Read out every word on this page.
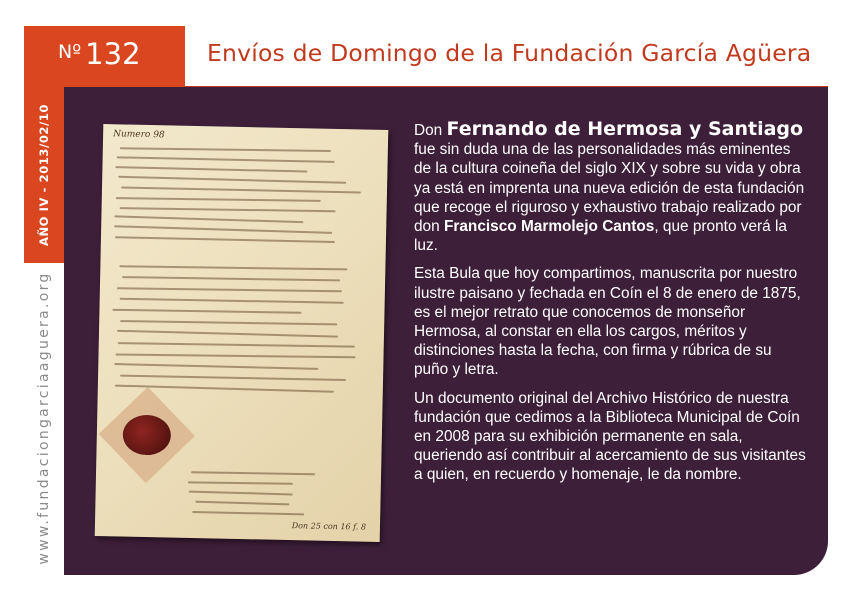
$^{Nº}$ 132	Envíos de Domingo de la Fundación García Agüera
AÑO IV - 2013/02/10
www.fundaciongarciaaguera.org
Numero 98
Don 25 con 16 f. 8

Don Fernando de Hermosa y Santiago fue sin duda una de las personalidades más eminentes de la cultura coineña del siglo XIX y sobre su vida y obra ya está en imprenta una nueva edición de esta fundación que recoge el riguroso y exhaustivo trabajo realizado por don Francisco Marmolejo Cantos, que pronto verá la luz.

Esta Bula que hoy compartimos, manuscrita por nuestro ilustre paisano y fechada en Coín el 8 de enero de 1875, es el mejor retrato que conocemos de monseñor Hermosa, al constar en ella los cargos, méritos y distinciones hasta la fecha, con firma y rúbrica de su puño y letra.

Un documento original del Archivo Histórico de nuestra fundación que cedimos a la Biblioteca Municipal de Coín en 2008 para su exhibición permanente en sala, queriendo así contribuir al acercamiento de sus visitantes a quien, en recuerdo y homenaje, le da nombre.
